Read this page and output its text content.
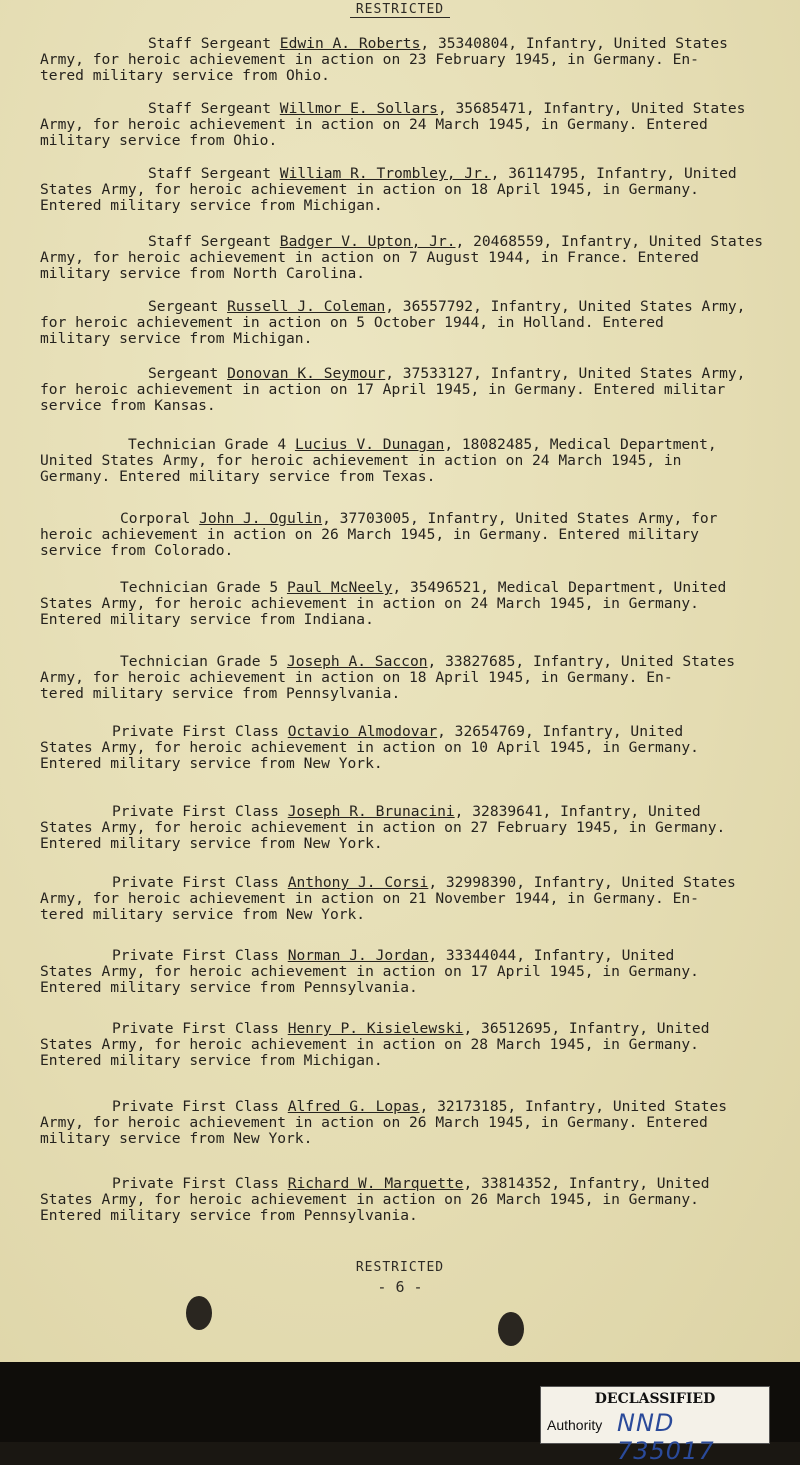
RESTRICTED

Staff Sergeant Edwin A. Roberts, 35340804, Infantry, United States
Army, for heroic achievement in action on 23 February 1945, in Germany. En-
tered military service from Ohio.

Staff Sergeant Willmor E. Sollars, 35685471, Infantry, United States
Army, for heroic achievement in action on 24 March 1945, in Germany. Entered
military service from Ohio.

Staff Sergeant William R. Trombley, Jr., 36114795, Infantry, United
States Army, for heroic achievement in action on 18 April 1945, in Germany.
Entered military service from Michigan.

Staff Sergeant Badger V. Upton, Jr., 20468559, Infantry, United States
Army, for heroic achievement in action on 7 August 1944, in France. Entered
military service from North Carolina.

Sergeant Russell J. Coleman, 36557792, Infantry, United States Army,
for heroic achievement in action on 5 October 1944, in Holland. Entered
military service from Michigan.

Sergeant Donovan K. Seymour, 37533127, Infantry, United States Army,
for heroic achievement in action on 17 April 1945, in Germany. Entered militar
service from Kansas.

Technician Grade 4 Lucius V. Dunagan, 18082485, Medical Department,
United States Army, for heroic achievement in action on 24 March 1945, in
Germany. Entered military service from Texas.

Corporal John J. Ogulin, 37703005, Infantry, United States Army, for
heroic achievement in action on 26 March 1945, in Germany. Entered military
service from Colorado.

Technician Grade 5 Paul McNeely, 35496521, Medical Department, United
States Army, for heroic achievement in action on 24 March 1945, in Germany.
Entered military service from Indiana.

Technician Grade 5 Joseph A. Saccon, 33827685, Infantry, United States
Army, for heroic achievement in action on 18 April 1945, in Germany. En-
tered military service from Pennsylvania.

Private First Class Octavio Almodovar, 32654769, Infantry, United
States Army, for heroic achievement in action on 10 April 1945, in Germany.
Entered military service from New York.

Private First Class Joseph R. Brunacini, 32839641, Infantry, United
States Army, for heroic achievement in action on 27 February 1945, in Germany.
Entered military service from New York.

Private First Class Anthony J. Corsi, 32998390, Infantry, United States
Army, for heroic achievement in action on 21 November 1944, in Germany. En-
tered military service from New York.

Private First Class Norman J. Jordan, 33344044, Infantry, United
States Army, for heroic achievement in action on 17 April 1945, in Germany.
Entered military service from Pennsylvania.

Private First Class Henry P. Kisielewski, 36512695, Infantry, United
States Army, for heroic achievement in action on 28 March 1945, in Germany.
Entered military service from Michigan.

Private First Class Alfred G. Lopas, 32173185, Infantry, United States
Army, for heroic achievement in action on 26 March 1945, in Germany. Entered
military service from New York.

Private First Class Richard W. Marquette, 33814352, Infantry, United
States Army, for heroic achievement in action on 26 March 1945, in Germany.
Entered military service from Pennsylvania.

RESTRICTED
- 6 -
DECLASSIFIED
Authority NND 735017
